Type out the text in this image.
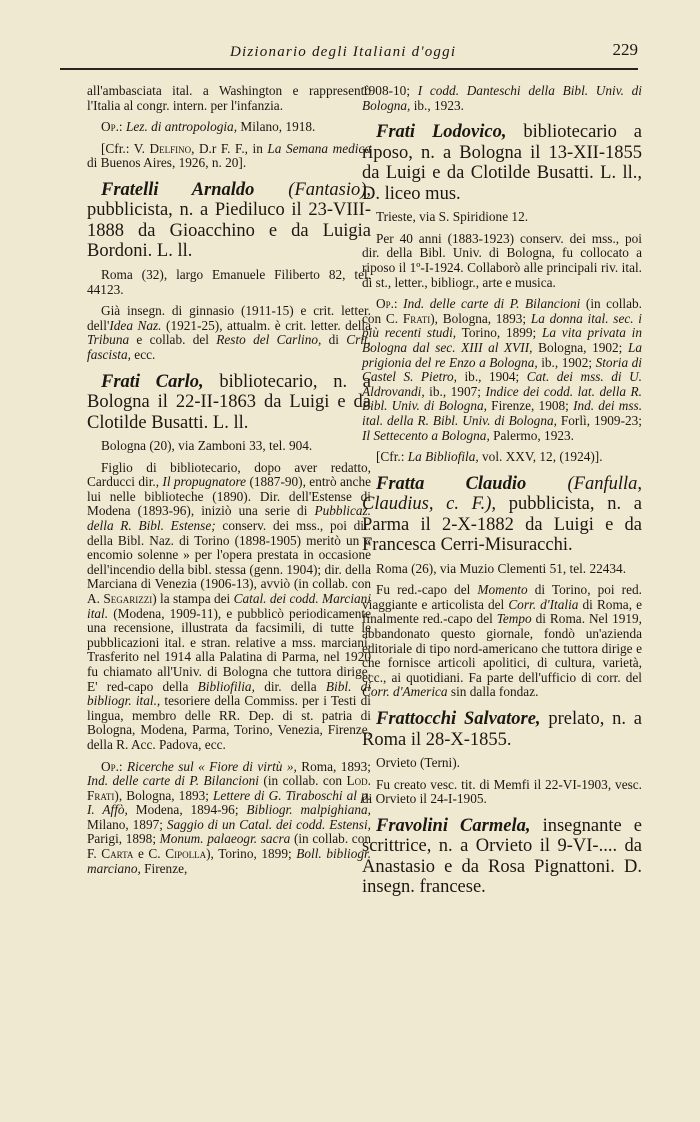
Dizionario degli Italiani d'oggi	229

all'ambasciata ital. a Washington e rappresentò l'Italia al congr. intern. per l'infanzia.

Op.: Lez. di antropologia, Milano, 1918.

[Cfr.: V. Delfino, D.r F. F., in La Semana medica di Buenos Aires, 1926, n. 20].

Fratelli Arnaldo (Fantasio), pubblicista, n. a Piediluco il 23-VIII-1888 da Gioacchino e da Luigia Bordoni. L. ll.

Roma (32), largo Emanuele Filiberto 82, tel. 44123.

Già insegn. di ginnasio (1911-15) e crit. letter. dell'Idea Naz. (1921-25), attualm. è crit. letter. della Tribuna e collab. del Resto del Carlino, di Crit. fascista, ecc.

Frati Carlo, bibliotecario, n. a Bologna il 22-II-1863 da Luigi e da Clotilde Busatti. L. ll.

Bologna (20), via Zamboni 33, tel. 904.

Figlio di bibliotecario, dopo aver redatto, Carducci dir., Il propugnatore (1887-90), entrò anche lui nelle biblioteche (1890). Dir. dell'Estense di Modena (1893-96), iniziò una serie di Pubblicaz. della R. Bibl. Estense; conserv. dei mss., poi dir. della Bibl. Naz. di Torino (1898-1905) meritò un « encomio solenne » per l'opera prestata in occasione dell'incendio della bibl. stessa (genn. 1904); dir. della Marciana di Venezia (1906-13), avviò (in collab. con A. Segarizzi) la stampa dei Catal. dei codd. Marciani ital. (Modena, 1909-11), e pubblicò periodicamente una recensione, illustrata da facsimili, di tutte le pubblicazioni ital. e stran. relative a mss. marciani. Trasferito nel 1914 alla Palatina di Parma, nel 1920 fu chiamato all'Univ. di Bologna che tuttora dirige. E' red-capo della Bibliofilia, dir. della Bibl. di bibliogr. ital., tesoriere della Commiss. per i Testi di lingua, membro delle RR. Dep. di st. patria di Bologna, Modena, Parma, Torino, Venezia, Firenze, della R. Acc. Padova, ecc.

Op.: Ricerche sul « Fiore di virtù », Roma, 1893; Ind. delle carte di P. Bilancioni (in collab. con Lod. Frati), Bologna, 1893; Lettere di G. Tiraboschi al p. I. Affò, Modena, 1894-96; Bibliogr. malpighiana, Milano, 1897; Saggio di un Catal. dei codd. Estensi, Parigi, 1898; Monum. palaeogr. sacra (in collab. con F. Carta e C. Cipolla), Torino, 1899; Boll. bibliogr. marciano, Firenze,

1908-10; I codd. Danteschi della Bibl. Univ. di Bologna, ib., 1923.

Frati Lodovico, bibliotecario a riposo, n. a Bologna il 13-XII-1855 da Luigi e da Clotilde Busatti. L. ll., D. liceo mus.

Trieste, via S. Spiridione 12.

Per 40 anni (1883-1923) conserv. dei mss., poi dir. della Bibl. Univ. di Bologna, fu collocato a riposo il 1º-I-1924. Collaborò alle principali riv. ital. di st., letter., bibliogr., arte e musica.

Op.: Ind. delle carte di P. Bilancioni (in collab. con C. Frati), Bologna, 1893; La donna ital. sec. i più recenti studi, Torino, 1899; La vita privata in Bologna dal sec. XIII al XVII, Bologna, 1902; La prigionia del re Enzo a Bologna, ib., 1902; Storia di Castel S. Pietro, ib., 1904; Cat. dei mss. di U. Aldrovandi, ib., 1907; Indice dei codd. lat. della R. Bibl. Univ. di Bologna, Firenze, 1908; Ind. dei mss. ital. della R. Bibl. Univ. di Bologna, Forlì, 1909-23; Il Settecento a Bologna, Palermo, 1923.

[Cfr.: La Bibliofila, vol. XXV, 12, (1924)].

Fratta Claudio (Fanfulla, Claudius, c. F.), pubblicista, n. a Parma il 2-X-1882 da Luigi e da Francesca Cerri-Misuracchi.

Roma (26), via Muzio Clementi 51, tel. 22434.

Fu red.-capo del Momento di Torino, poi red. viaggiante e articolista del Corr. d'Italia di Roma, e finalmente red.-capo del Tempo di Roma. Nel 1919, abbandonato questo giornale, fondò un'azienda editoriale di tipo nord-americano che tuttora dirige e che fornisce articoli apolitici, di cultura, varietà, ecc., ai quotidiani. Fa parte dell'ufficio di corr. del Corr. d'America sin dalla fondaz.

Frattocchi Salvatore, prelato, n. a Roma il 28-X-1855.

Orvieto (Terni).

Fu creato vesc. tit. di Memfi il 22-VI-1903, vesc. di Orvieto il 24-I-1905.

Fravolini Carmela, insegnante e scrittrice, n. a Orvieto il 9-VI-.... da Anastasio e da Rosa Pignattoni. D. insegn. francese.
